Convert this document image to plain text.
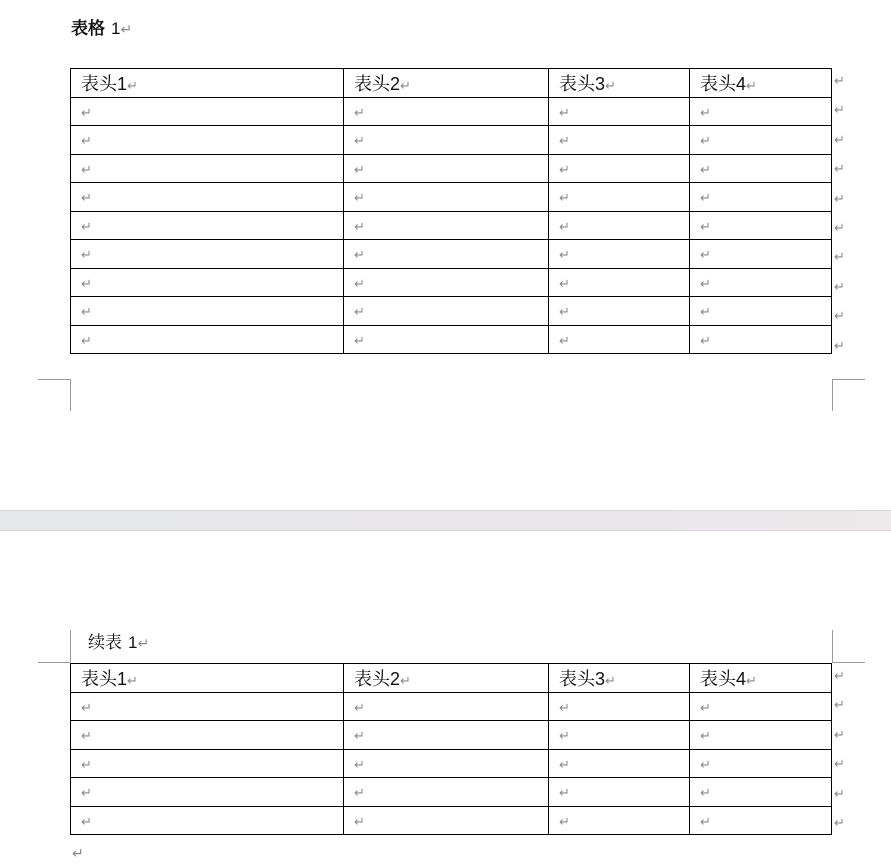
表格 1↵
表头1↵	表头2↵	表头3↵	表头4↵
↵	↵	↵	↵
↵	↵	↵	↵
↵	↵	↵	↵
↵	↵	↵	↵
↵	↵	↵	↵
↵	↵	↵	↵
↵	↵	↵	↵
↵	↵	↵	↵
↵	↵	↵	↵
↵
↵
↵
↵
↵
↵
↵
↵
↵
↵
续表 1↵
表头1↵	表头2↵	表头3↵	表头4↵
↵	↵	↵	↵
↵	↵	↵	↵
↵	↵	↵	↵
↵	↵	↵	↵
↵	↵	↵	↵
↵
↵
↵
↵
↵
↵
↵
